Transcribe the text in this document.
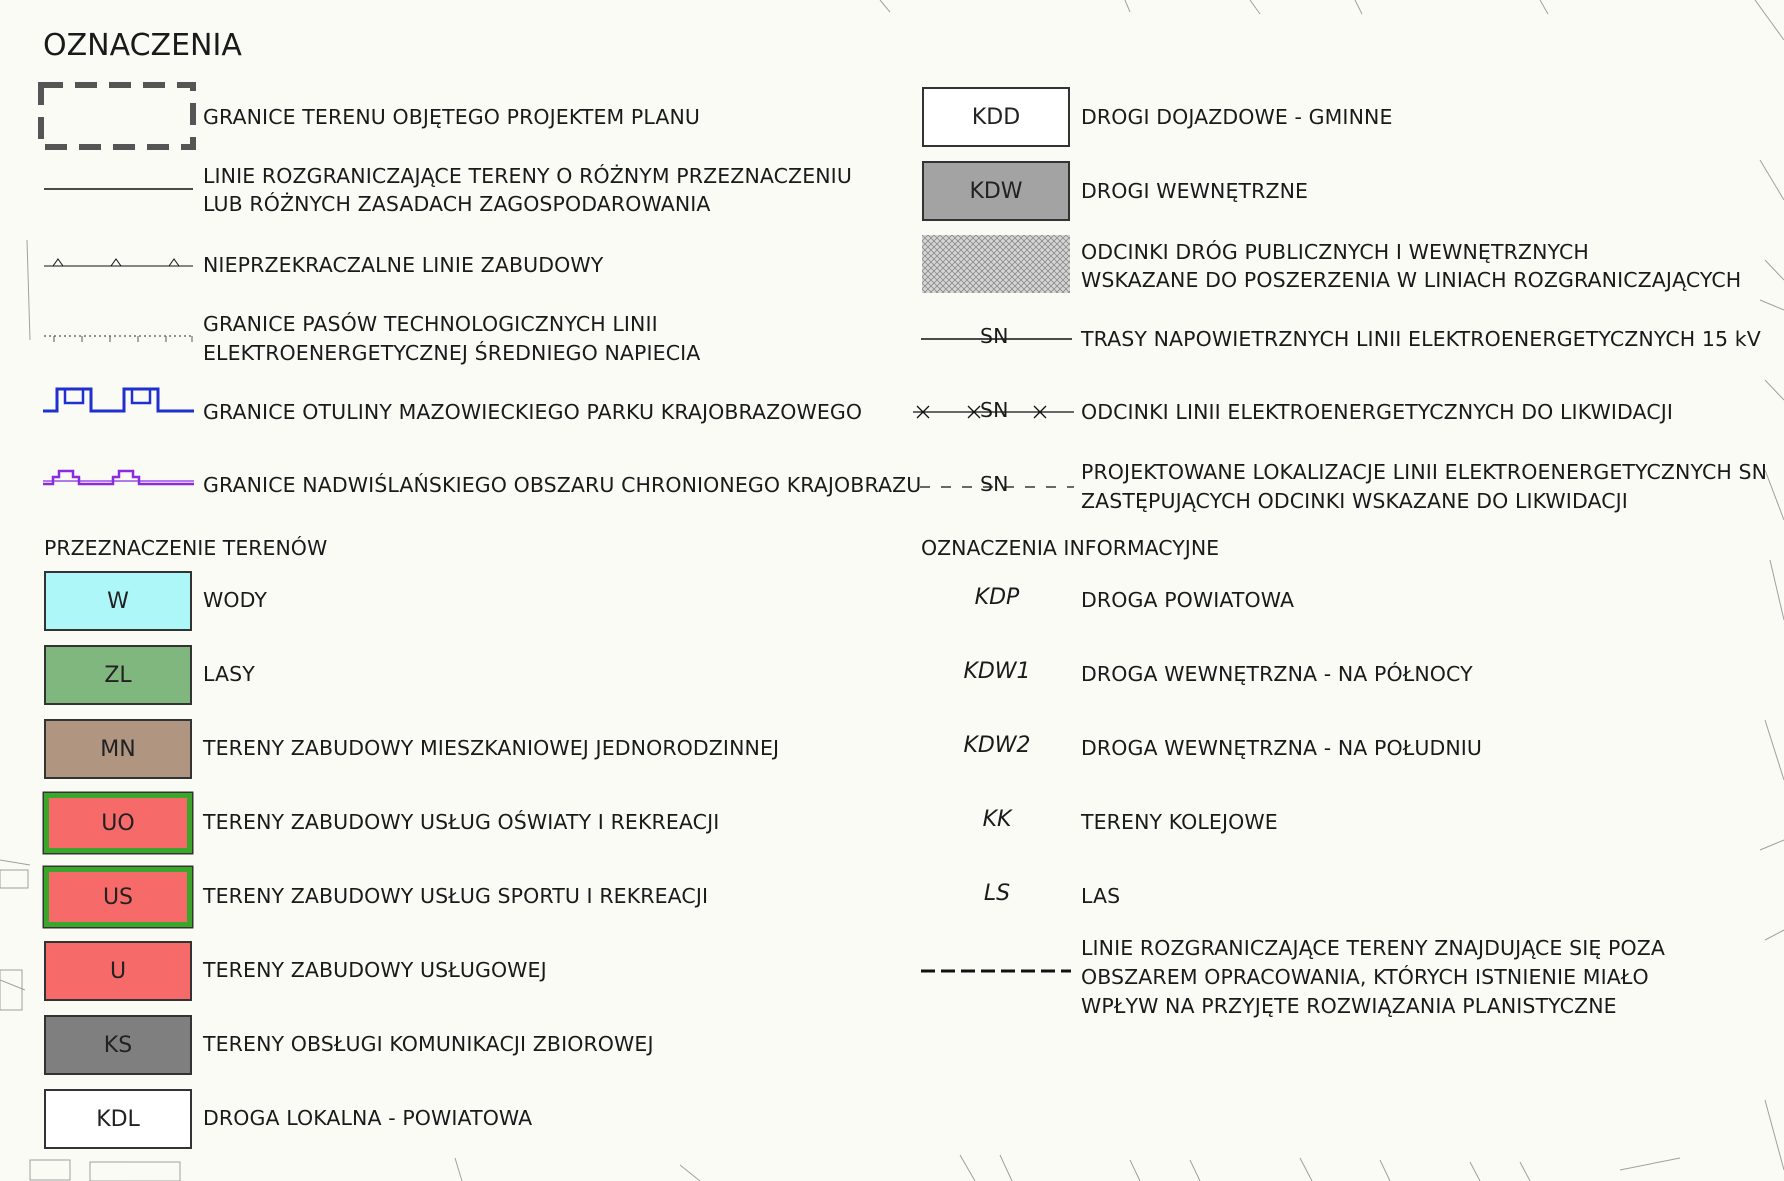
OZNACZENIA
GRANICE TERENU OBJĘTEGO PROJEKTEM PLANU
LINIE ROZGRANICZAJĄCE TERENY O RÓŻNYM PRZEZNACZENIU
LUB RÓŻNYCH ZASADACH ZAGOSPODAROWANIA
NIEPRZEKRACZALNE LINIE ZABUDOWY
GRANICE PASÓW TECHNOLOGICZNYCH LINII
ELEKTROENERGETYCZNEJ ŚREDNIEGO NAPIECIA
GRANICE OTULINY MAZOWIECKIEGO PARKU KRAJOBRAZOWEGO
GRANICE NADWIŚLAŃSKIEGO OBSZARU CHRONIONEGO KRAJOBRAZU
PRZEZNACZENIE TERENÓW
W	WODY
ZL	LASY
MN	TERENY ZABUDOWY MIESZKANIOWEJ JEDNORODZINNEJ
UO	TERENY ZABUDOWY USŁUG OŚWIATY I REKREACJI
US	TERENY ZABUDOWY USŁUG SPORTU I REKREACJI
U	TERENY ZABUDOWY USŁUGOWEJ
KS	TERENY OBSŁUGI KOMUNIKACJI ZBIOROWEJ
KDL	DROGA LOKALNA - POWIATOWA
KDD	DROGI DOJAZDOWE - GMINNE
KDW	DROGI WEWNĘTRZNE
ODCINKI DRÓG PUBLICZNYCH I WEWNĘTRZNYCH
WSKAZANE DO POSZERZENIA W LINIACH ROZGRANICZAJĄCYCH
SN	TRASY NAPOWIETRZNYCH LINII ELEKTROENERGETYCZNYCH 15 kV
SN	ODCINKI LINII ELEKTROENERGETYCZNYCH DO LIKWIDACJI
SN	PROJEKTOWANE LOKALIZACJE LINII ELEKTROENERGETYCZNYCH SN
ZASTĘPUJĄCYCH ODCINKI WSKAZANE DO LIKWIDACJI
OZNACZENIA INFORMACYJNE
KDP	DROGA POWIATOWA
KDW1	DROGA WEWNĘTRZNA - NA PÓŁNOCY
KDW2	DROGA WEWNĘTRZNA - NA POŁUDNIU
KK	TERENY KOLEJOWE
LS	LAS
LINIE ROZGRANICZAJĄCE TERENY ZNAJDUJĄCE SIĘ POZA
OBSZAREM OPRACOWANIA, KTÓRYCH ISTNIENIE MIAŁO
WPŁYW NA PRZYJĘTE ROZWIĄZANIA PLANISTYCZNE
